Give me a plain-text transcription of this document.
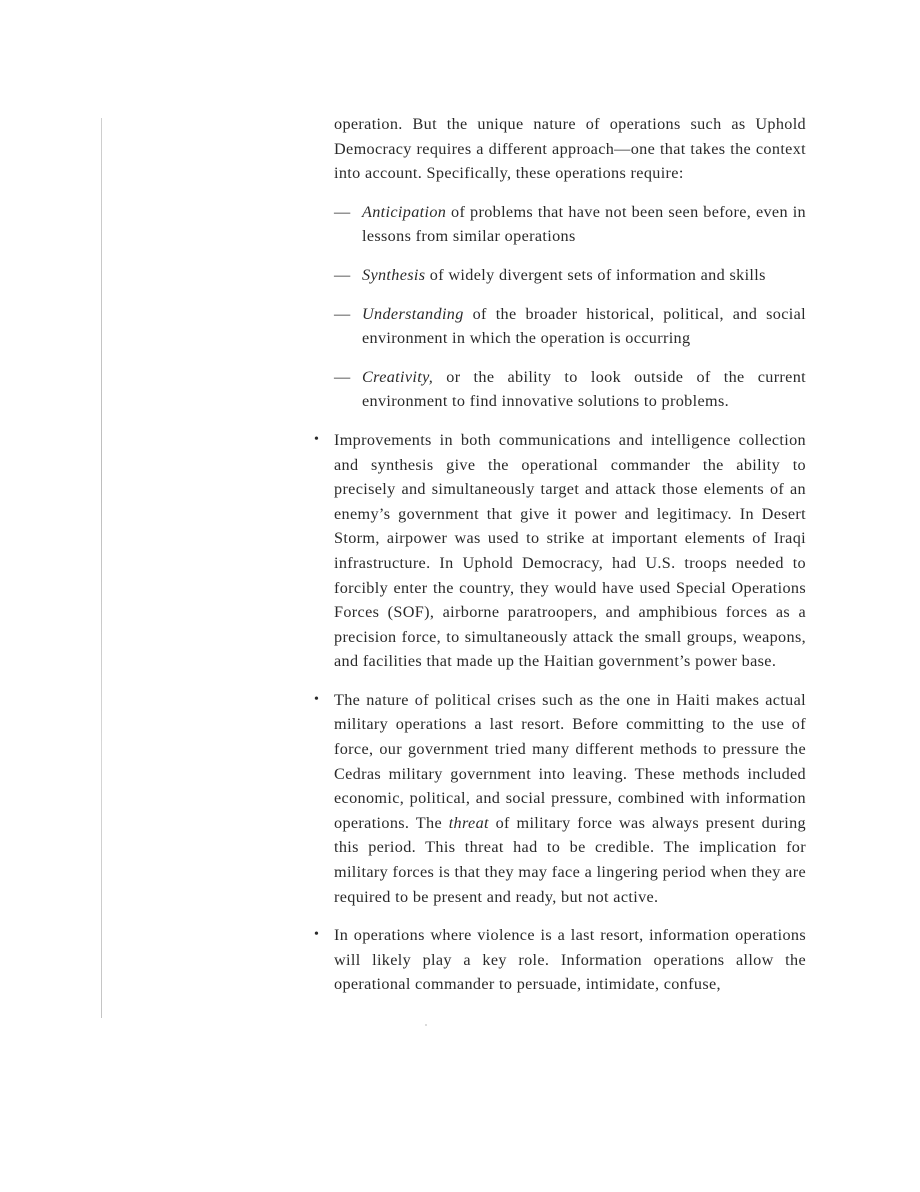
operation. But the unique nature of operations such as Uphold Democracy requires a different approach—one that takes the context into account. Specifically, these operations require:

— Anticipation of problems that have not been seen before, even in lessons from similar operations
— Synthesis of widely divergent sets of information and skills
— Understanding of the broader historical, political, and social environment in which the operation is occurring
— Creativity, or the ability to look outside of the current environment to find innovative solutions to problems.
• Improvements in both communications and intelligence collection and synthesis give the operational commander the ability to precisely and simultaneously target and attack those elements of an enemy’s government that give it power and legitimacy. In Desert Storm, airpower was used to strike at important elements of Iraqi infrastructure. In Uphold Democracy, had U.S. troops needed to forcibly enter the country, they would have used Special Operations Forces (SOF), airborne paratroopers, and amphibious forces as a precision force, to simultaneously attack the small groups, weapons, and facilities that made up the Haitian government’s power base.
• The nature of political crises such as the one in Haiti makes actual military operations a last resort. Before committing to the use of force, our government tried many different methods to pressure the Cedras military government into leaving. These methods included economic, political, and social pressure, combined with information operations. The threat of military force was always present during this period. This threat had to be credible. The implication for military forces is that they may face a lingering period when they are required to be present and ready, but not active.
• In operations where violence is a last resort, information operations will likely play a key role. Information operations allow the operational commander to persuade, intimidate, confuse,
